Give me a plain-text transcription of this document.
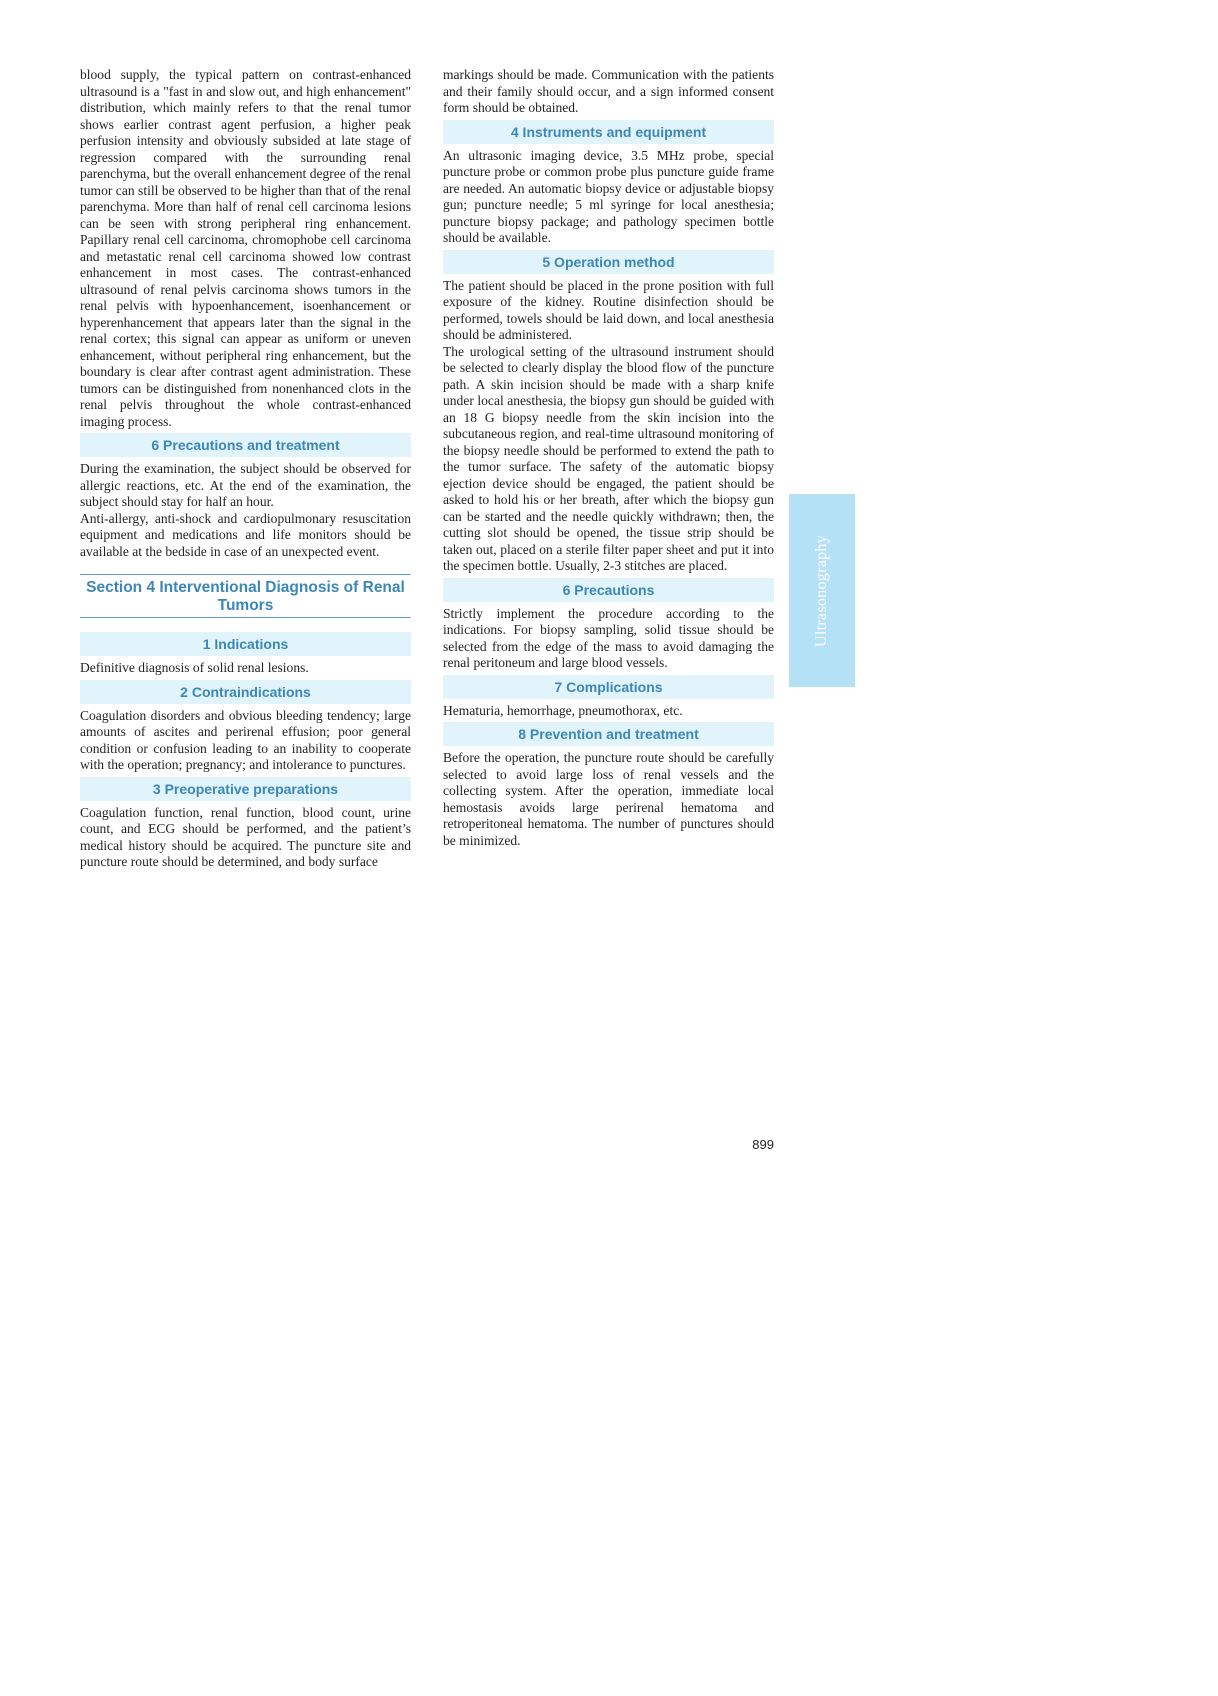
blood supply, the typical pattern on contrast-enhanced ultrasound is a "fast in and slow out, and high enhancement" distribution, which mainly refers to that the renal tumor shows earlier contrast agent perfusion, a higher peak perfusion intensity and obviously subsided at late stage of regression compared with the surrounding renal parenchyma, but the overall enhancement degree of the renal tumor can still be observed to be higher than that of the renal parenchyma. More than half of renal cell carcinoma lesions can be seen with strong peripheral ring enhancement. Papillary renal cell carcinoma, chromophobe cell carcinoma and metastatic renal cell carcinoma showed low contrast enhancement in most cases. The contrast-enhanced ultrasound of renal pelvis carcinoma shows tumors in the renal pelvis with hypoenhancement, isoenhancement or hyperenhancement that appears later than the signal in the renal cortex; this signal can appear as uniform or uneven enhancement, without peripheral ring enhancement, but the boundary is clear after contrast agent administration. These tumors can be distinguished from nonenhanced clots in the renal pelvis throughout the whole contrast-enhanced imaging process.

6 Precautions and treatment

During the examination, the subject should be observed for allergic reactions, etc. At the end of the examination, the subject should stay for half an hour.

Anti-allergy, anti-shock and cardiopulmonary resuscitation equipment and medications and life monitors should be available at the bedside in case of an unexpected event.

Section 4 Interventional Diagnosis of Renal Tumors
1 Indications

Definitive diagnosis of solid renal lesions.

2 Contraindications

Coagulation disorders and obvious bleeding tendency; large amounts of ascites and perirenal effusion; poor general condition or confusion leading to an inability to cooperate with the operation; pregnancy; and intolerance to punctures.

3 Preoperative preparations

Coagulation function, renal function, blood count, urine count, and ECG should be performed, and the patient’s medical history should be acquired. The puncture site and puncture route should be determined, and body surface

markings should be made. Communication with the patients and their family should occur, and a sign informed consent form should be obtained.

4 Instruments and equipment

An ultrasonic imaging device, 3.5 MHz probe, special puncture probe or common probe plus puncture guide frame are needed. An automatic biopsy device or adjustable biopsy gun; puncture needle; 5 ml syringe for local anesthesia; puncture biopsy package; and pathology specimen bottle should be available.

5 Operation method

The patient should be placed in the prone position with full exposure of the kidney. Routine disinfection should be performed, towels should be laid down, and local anesthesia should be administered.

The urological setting of the ultrasound instrument should be selected to clearly display the blood flow of the puncture path. A skin incision should be made with a sharp knife under local anesthesia, the biopsy gun should be guided with an 18 G biopsy needle from the skin incision into the subcutaneous region, and real-time ultrasound monitoring of the biopsy needle should be performed to extend the path to the tumor surface. The safety of the automatic biopsy ejection device should be engaged, the patient should be asked to hold his or her breath, after which the biopsy gun can be started and the needle quickly withdrawn; then, the cutting slot should be opened, the tissue strip should be taken out, placed on a sterile filter paper sheet and put it into the specimen bottle. Usually, 2-3 stitches are placed.

6 Precautions

Strictly implement the procedure according to the indications. For biopsy sampling, solid tissue should be selected from the edge of the mass to avoid damaging the renal peritoneum and large blood vessels.

7 Complications

Hematuria, hemorrhage, pneumothorax, etc.

8 Prevention and treatment

Before the operation, the puncture route should be carefully selected to avoid large loss of renal vessels and the collecting system. After the operation, immediate local hemostasis avoids large perirenal hematoma and retroperitoneal hematoma. The number of punctures should be minimized.

Ultrasonography
899
